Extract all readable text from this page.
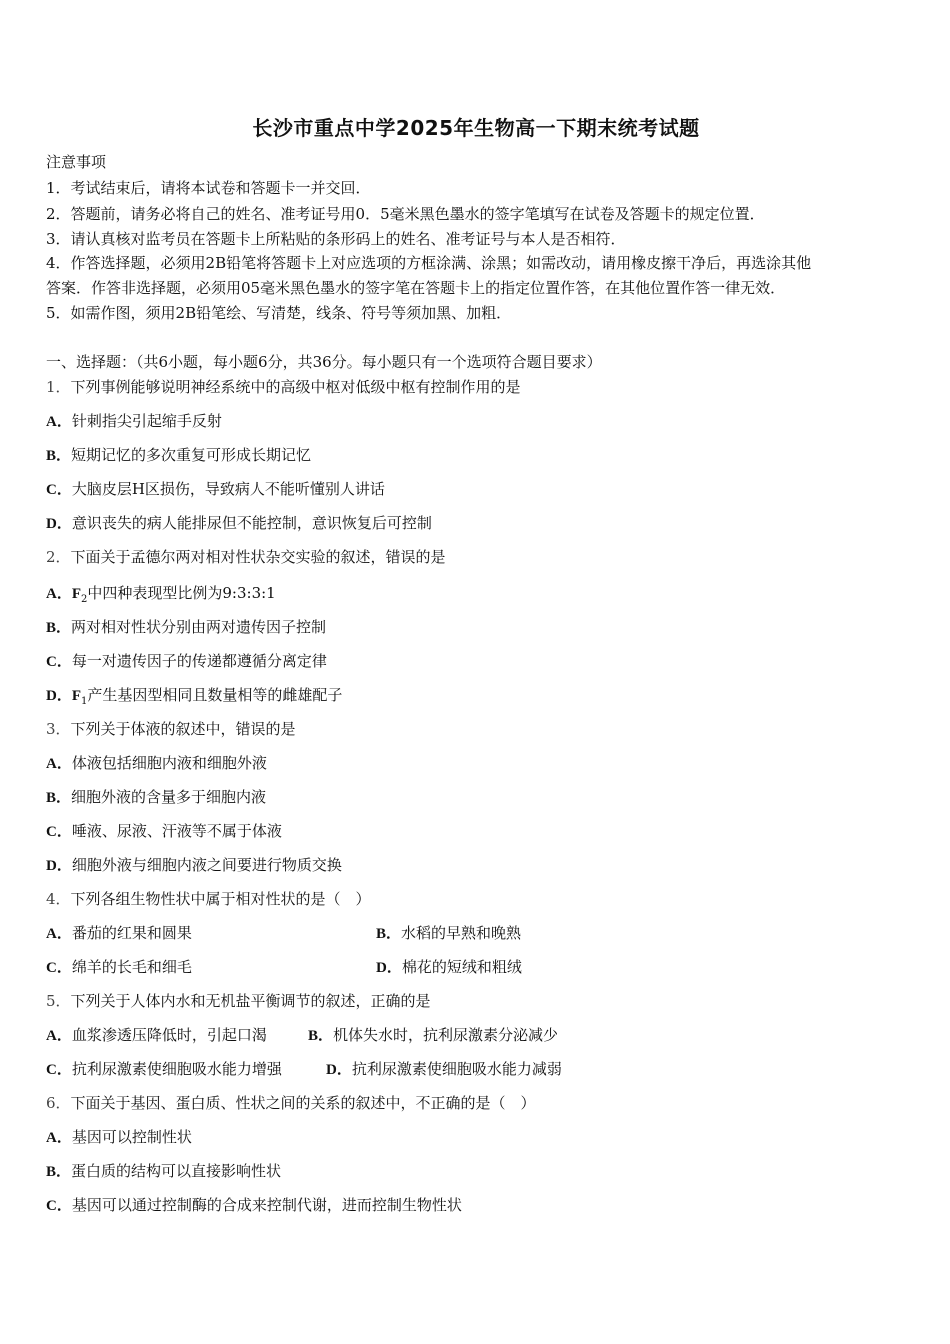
长沙市重点中学2025年生物高一下期末统考试题
注意事项
1．考试结束后，请将本试卷和答题卡一并交回．
2．答题前，请务必将自己的姓名、准考证号用0．5毫米黑色墨水的签字笔填写在试卷及答题卡的规定位置．
3．请认真核对监考员在答题卡上所粘贴的条形码上的姓名、准考证号与本人是否相符．
4．作答选择题，必须用2B铅笔将答题卡上对应选项的方框涂满、涂黑；如需改动，请用橡皮擦干净后，再选涂其他
答案．作答非选择题，必须用05毫米黑色墨水的签字笔在答题卡上的指定位置作答，在其他位置作答一律无效．
5．如需作图，须用2B铅笔绘、写清楚，线条、符号等须加黑、加粗．
一、选择题：（共6小题，每小题6分，共36分。每小题只有一个选项符合题目要求）
1．下列事例能够说明神经系统中的高级中枢对低级中枢有控制作用的是
A．针刺指尖引起缩手反射
B．短期记忆的多次重复可形成长期记忆
C．大脑皮层H区损伤，导致病人不能听懂别人讲话
D．意识丧失的病人能排尿但不能控制，意识恢复后可控制
2．下面关于孟德尔两对相对性状杂交实验的叙述，错误的是
A．$F_2$中四种表现型比例为9:3:3:1
B．两对相对性状分别由两对遗传因子控制
C．每一对遗传因子的传递都遵循分离定律
D．$F_1$产生基因型相同且数量相等的雌雄配子
3．下列关于体液的叙述中，错误的是
A．体液包括细胞内液和细胞外液
B．细胞外液的含量多于细胞内液
C．唾液、尿液、汗液等不属于体液
D．细胞外液与细胞内液之间要进行物质交换
4．下列各组生物性状中属于相对性状的是（　）
A．番茄的红果和圆果	B．水稻的早熟和晚熟
C．绵羊的长毛和细毛	D．棉花的短绒和粗绒
5．下列关于人体内水和无机盐平衡调节的叙述，正确的是
A．血浆渗透压降低时，引起口渴	B．机体失水时，抗利尿激素分泌减少
C．抗利尿激素使细胞吸水能力增强	D．抗利尿激素使细胞吸水能力减弱
6．下面关于基因、蛋白质、性状之间的关系的叙述中，不正确的是（　）
A．基因可以控制性状
B．蛋白质的结构可以直接影响性状
C．基因可以通过控制酶的合成来控制代谢，进而控制生物性状
